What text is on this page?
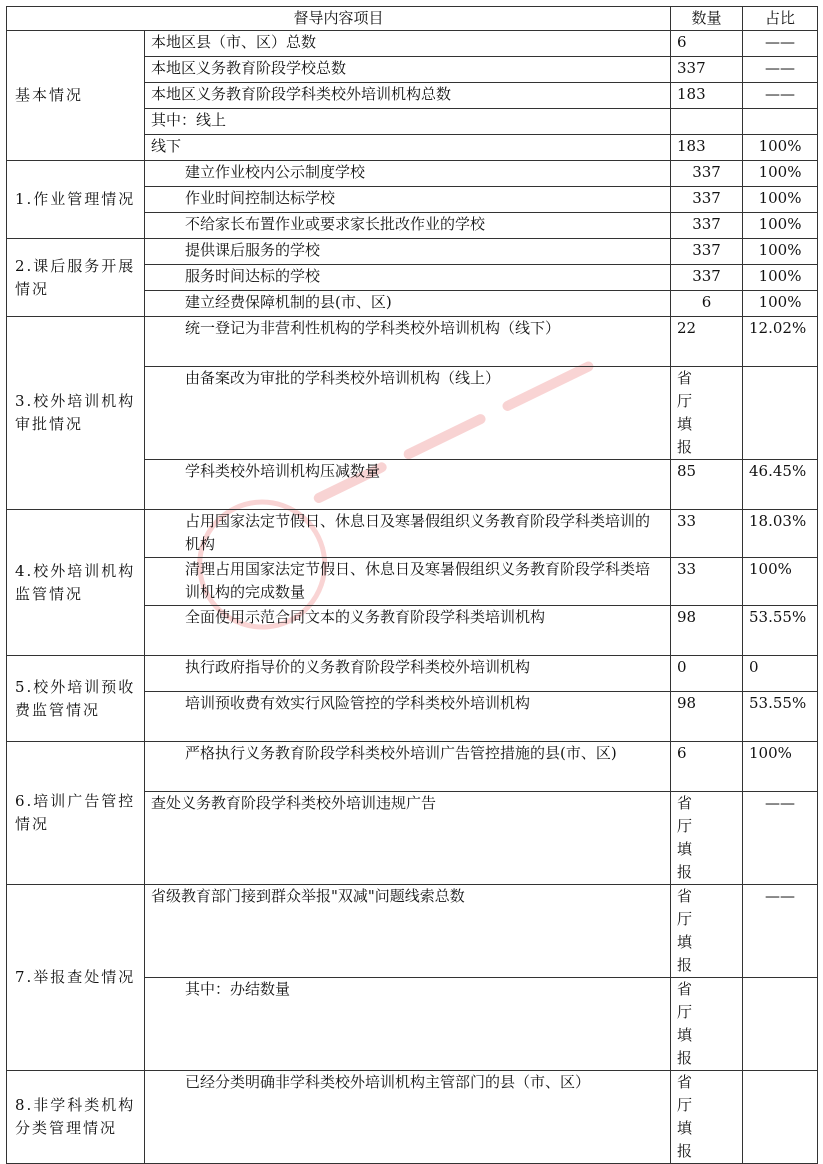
督导内容项目		数量	占比
基本情况	本地区县（市、区）总数	6	——
	本地区义务教育阶段学校总数	337	——
	本地区义务教育阶段学科类校外培训机构总数	183	——
	其中：线上		
	线下	183	100%
1.作业管理情况	建立作业校内公示制度学校	337	100%
	作业时间控制达标学校	337	100%
	不给家长布置作业或要求家长批改作业的学校	337	100%
2.课后服务开展情况	提供课后服务的学校	337	100%
	服务时间达标的学校	337	100%
	建立经费保障机制的县(市、区)	6	100%
3.校外培训机构审批情况	统一登记为非营利性机构的学科类校外培训机构（线下）	22	12.02%
	由备案改为审批的学科类校外培训机构（线上）	省厅填报	
	学科类校外培训机构压减数量	85	46.45%
4.校外培训机构监管情况	占用国家法定节假日、休息日及寒暑假组织义务教育阶段学科类培训的机构	33	18.03%
	清理占用国家法定节假日、休息日及寒暑假组织义务教育阶段学科类培训机构的完成数量	33	100%
	全面使用示范合同文本的义务教育阶段学科类培训机构	98	53.55%
5.校外培训预收费监管情况	执行政府指导价的义务教育阶段学科类校外培训机构	0	0
	培训预收费有效实行风险管控的学科类校外培训机构	98	53.55%
6.培训广告管控情况	严格执行义务教育阶段学科类校外培训广告管控措施的县(市、区)	6	100%
	查处义务教育阶段学科类校外培训违规广告	省厅填报	——
7.举报查处情况	省级教育部门接到群众举报"双减"问题线索总数	省厅填报	——
	其中：办结数量	省厅填报	
8.非学科类机构分类管理情况	已经分类明确非学科类校外培训机构主管部门的县（市、区）	省厅填报	
